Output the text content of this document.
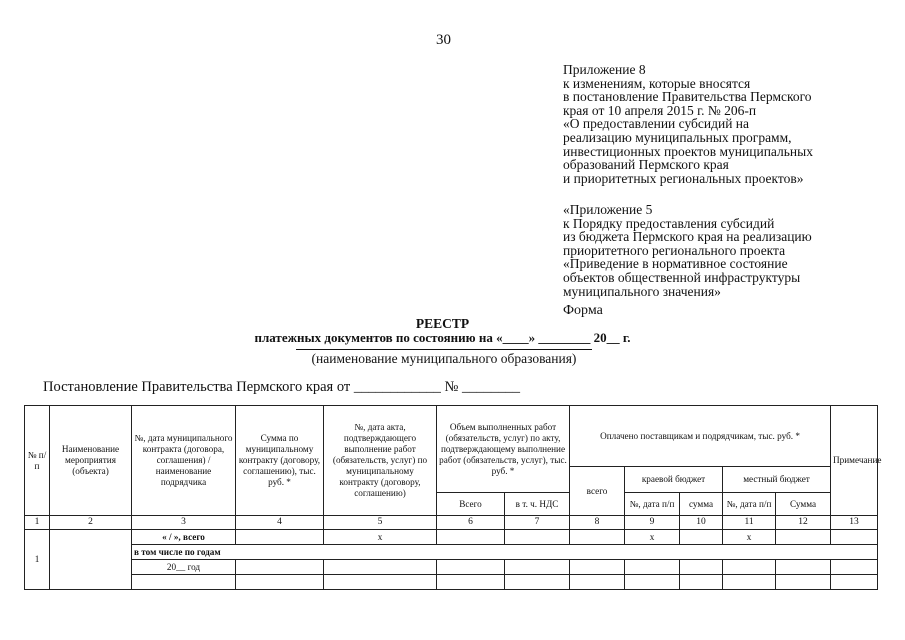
30
Приложение 8
к изменениям, которые вносятся
в постановление Правительства Пермского
края от 10 апреля 2015 г. № 206-п
«О предоставлении субсидий на
реализацию муниципальных программ,
инвестиционных проектов муниципальных
образований Пермского края
и приоритетных региональных проектов»
«Приложение 5
к Порядку предоставления субсидий
из бюджета Пермского края на реализацию
приоритетного регионального проекта
«Приведение в нормативное состояние
объектов общественной инфраструктуры
муниципального значения»
Форма
РЕЕСТР
платежных документов по состоянию на «____» ________ 20__ г.
(наименование муниципального образования)
Постановление Правительства Пермского края от ____________ № ________
№ п/п	Наименование мероприятия (объекта)	№, дата муниципального контракта (договора, соглашения) / наименование подрядчика	Сумма по муниципальному контракту (договору, соглашению), тыс. руб. *	№, дата акта, подтверждающего выполнение работ (обязательств, услуг) по муниципальному контракту (договору, соглашению)	Объем выполненных работ (обязательств, услуг) по акту, подтверждающему выполнение работ (обязательств, услуг), тыс. руб. *		Оплачено поставщикам и подрядчикам, тыс. руб. *					Примечание
							всего	краевой бюджет		местный бюджет		
					Всего	в т. ч. НДС		№, дата п/п	сумма	№, дата п/п	Сумма	
1	2	3	4	5	6	7	8	9	10	11	12	13
1		« / », всего		х				х		х		
		в том числе по годам										
		20__ год										
